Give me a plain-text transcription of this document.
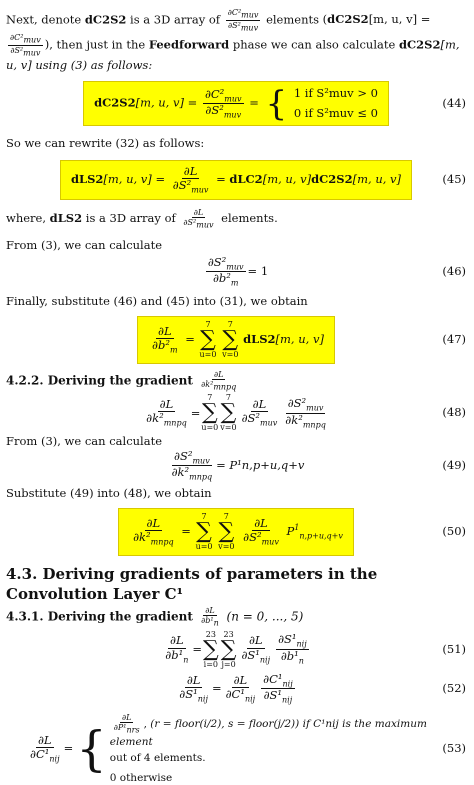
Next, denote dC2S2 is a 3D array of $\frac{\partial C^2_{muv}}{\partial S^2_{muv}}$ elements (dC2S2[m, u, v] =
$\frac{\partial C^2_{muv}}{\partial S^2_{muv}}$ ), then just in the Feedforward phase we can also calculate dC2S2[m, u, v] using (3) as follows:

dC2S2[m, u, $v] = \frac{\partial C^2_{muv}}{\partial S^2_{muv}}$ = { 1 if S²muv > 0
0 if S²muv ≤ 0
(44)

So we can rewrite (32) as follows:

dLS2[m, u, $v] = \frac{\partial L}{\partial S^2_{muv}} = dLC2[m$, u, v]dC2S2[m, u, v]	(45)

where, dLS2 is a 3D array of $\frac{\partial L}{\partial S^2_{muv}}$ elements.

From (3), we can calculate

$\frac{\partial S^2_{muv}}{\partial b^2_m} = 1$	(46)

Finally, substitute (46) and (45) into (31), we obtain

$\frac{\partial L}{\partial b^2_m}$ =
7
∑
u=0

7
∑
v=0
dLS2[m, u, v]	(47)
4.2.2. Deriving the gradient $\frac{\partial L}{\partial k^2_{mnpq}}$
$\frac{\partial L}{\partial k^2_{mnpq}}$ =
7
∑
u=0
7
∑
$v=0 \frac{\partial L}{\partial S^2_{muv}} \frac{\partial S^2_{muv}}{\partial k^2_{mnpq}}$	(48)

From (3), we can calculate

$\frac{\partial S^2_{muv}}{\partial k^2_{mnpq}} = P^1n,p+u,q+v$	(49)

Substitute (49) into (48), we obtain

$\frac{\partial L}{\partial k^2_{mnpq}}$ =
7
∑
u=0

7
∑
v=0
$\frac{\partial L}{\partial S^2_{muv}} P^1_{n,p+u,q+v}$	(50)
4.3. Deriving gradients of parameters in the Convolution Layer C¹
4.3.1. Deriving the gradient $\frac{\partial L}{\partial b^1_n} (n = 0$, ..., 5)
$\frac{\partial L}{\partial b^1_n}$ =
23
∑
i=0
23
∑
$j=0 \frac{\partial L}{\partial S^1_{nij}} \frac{\partial S^1_{nij}}{\partial b^1_n}$	(51)
$\frac{\partial L}{\partial S^1_{nij}} = \frac{\partial L}{\partial C^1_{nij}} \frac{\partial C^1_{nij}}{\partial S^1_{nij}}$	(52)
$\frac{\partial L}{\partial C^1_{nij}}$ = { $\frac{\partial L}{\partial P^1_{nrs}}$ , (r = floor(i/2), s = floor(j/2)) if C¹nij is the maximum element
out of 4 elements.
0 otherwise
(53)
